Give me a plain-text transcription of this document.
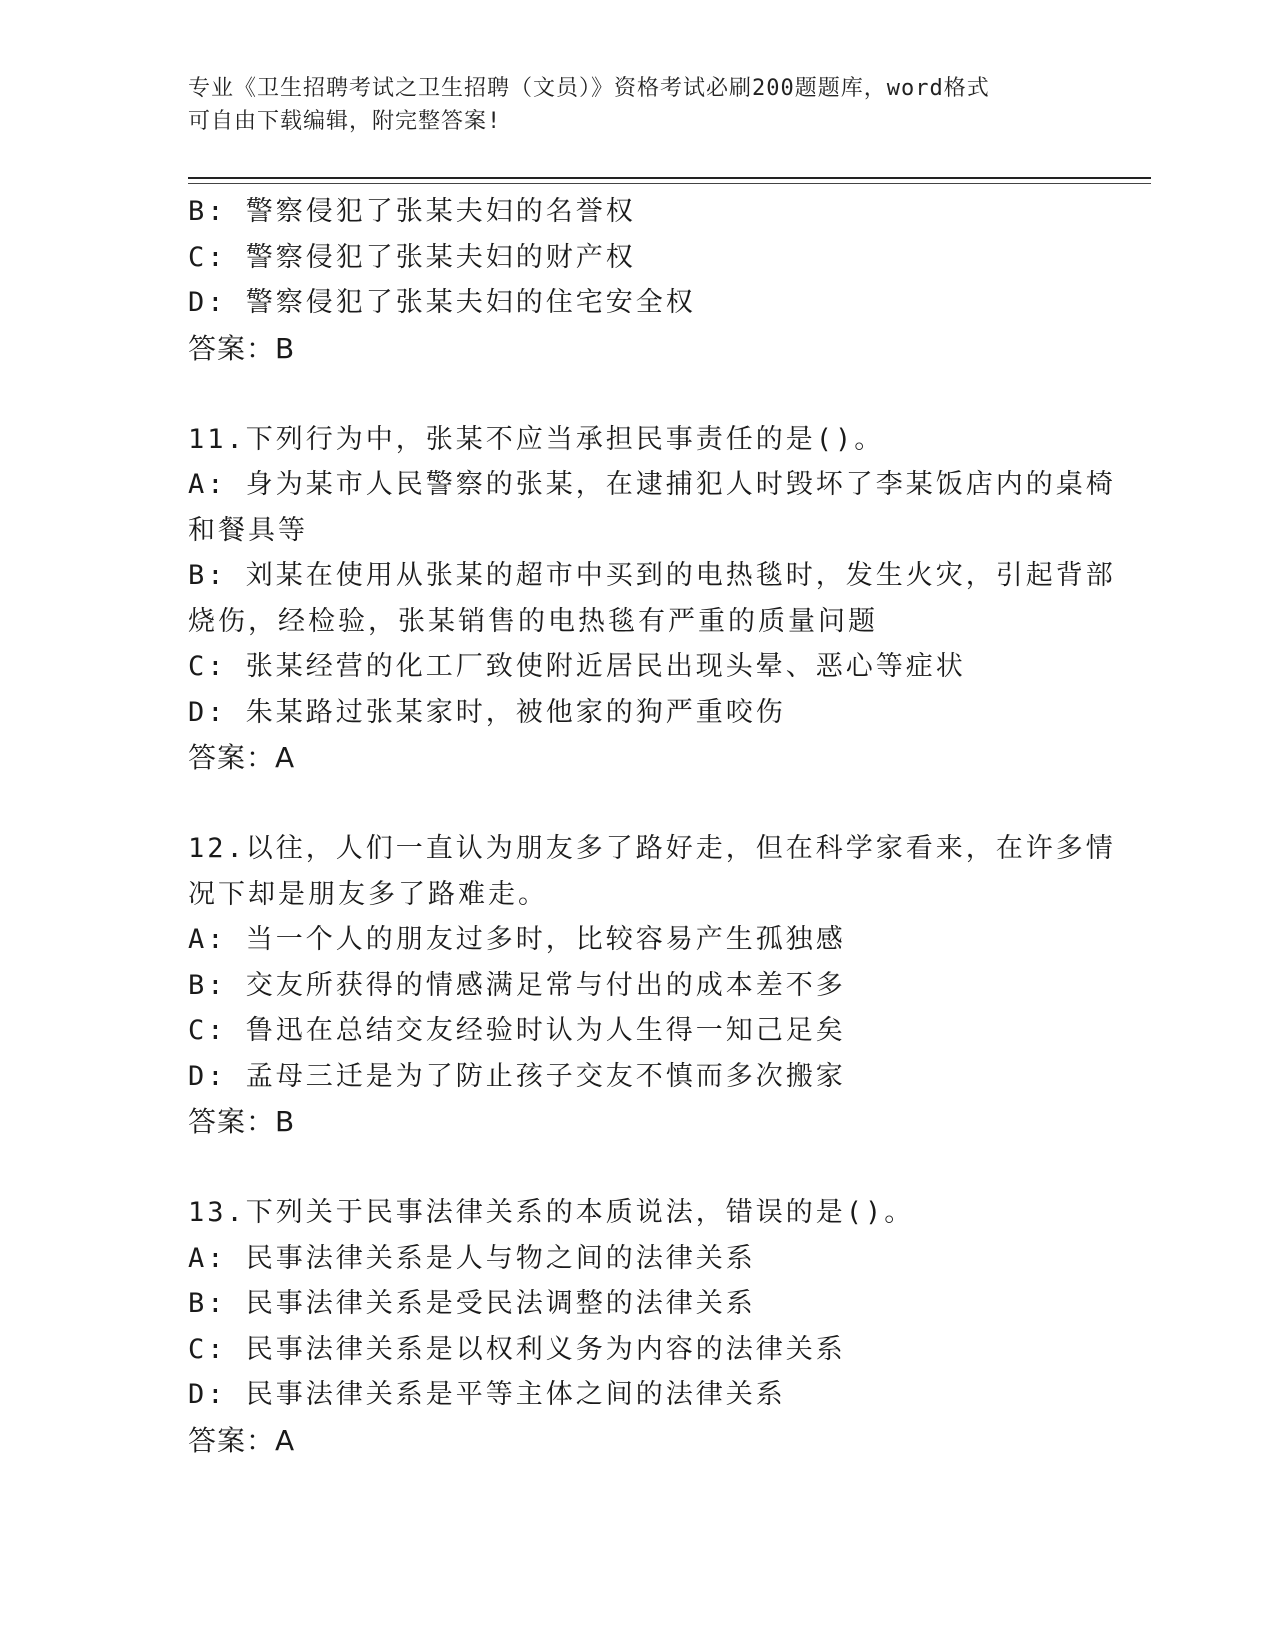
专业《卫生招聘考试之卫生招聘（文员）》资格考试必刷200题题库，word格式
可自由下载编辑，附完整答案!
B: 警察侵犯了张某夫妇的名誉权
C: 警察侵犯了张某夫妇的财产权
D: 警察侵犯了张某夫妇的住宅安全权
答案：B
11.下列行为中，张某不应当承担民事责任的是()。
A: 身为某市人民警察的张某，在逮捕犯人时毁坏了李某饭店内的桌椅
和餐具等
B: 刘某在使用从张某的超市中买到的电热毯时，发生火灾，引起背部
烧伤，经检验，张某销售的电热毯有严重的质量问题
C: 张某经营的化工厂致使附近居民出现头晕、恶心等症状
D: 朱某路过张某家时，被他家的狗严重咬伤
答案：A
12.以往，人们一直认为朋友多了路好走，但在科学家看来，在许多情
况下却是朋友多了路难走。
A: 当一个人的朋友过多时，比较容易产生孤独感
B: 交友所获得的情感满足常与付出的成本差不多
C: 鲁迅在总结交友经验时认为人生得一知己足矣
D: 孟母三迁是为了防止孩子交友不慎而多次搬家
答案：B
13.下列关于民事法律关系的本质说法，错误的是()。
A: 民事法律关系是人与物之间的法律关系
B: 民事法律关系是受民法调整的法律关系
C: 民事法律关系是以权利义务为内容的法律关系
D: 民事法律关系是平等主体之间的法律关系
答案：A
